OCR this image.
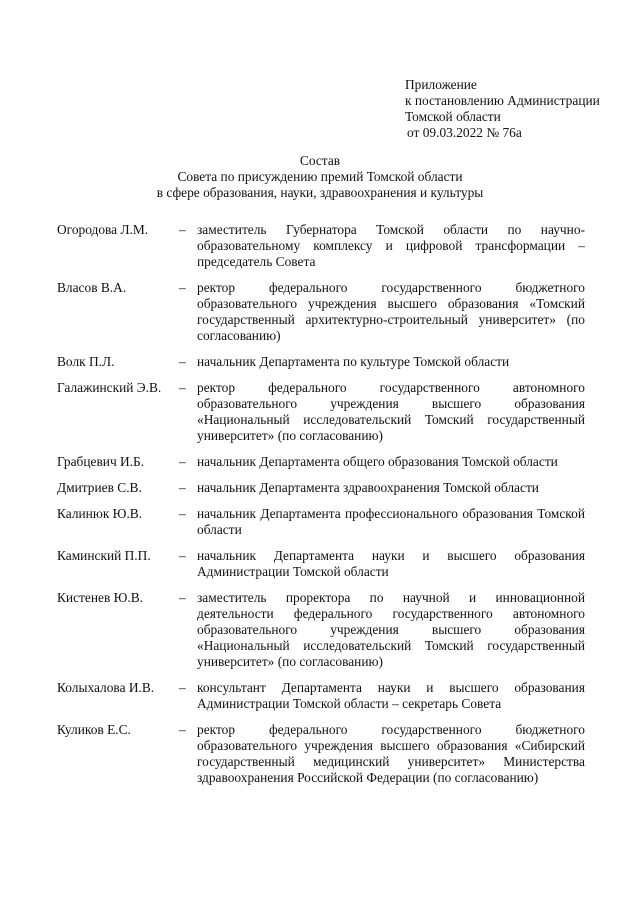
Приложение
к постановлению Администрации
Томской области
от 09.03.2022 № 76а
Состав
Совета по присуждению премий Томской области
в сфере образования, науки, здравоохранения и культуры
Огородова Л.М.	– заместитель Губернатора Томской области по научно-образовательному комплексу и цифровой трансформации – председатель Совета
Власов В.А.	– ректор федерального государственного бюджетного образовательного учреждения высшего образования «Томский государственный архитектурно-строительный университет» (по согласованию)
Волк П.Л.	– начальник Департамента по культуре Томской области
Галажинский Э.В.	– ректор федерального государственного автономного образовательного учреждения высшего образования «Национальный исследовательский Томский государственный университет» (по согласованию)
Грабцевич И.Б.	– начальник Департамента общего образования Томской области
Дмитриев С.В.	– начальник Департамента здравоохранения Томской области
Калинюк Ю.В.	– начальник Департамента профессионального образования Томской области
Каминский П.П.	– начальник Департамента науки и высшего образования Администрации Томской области
Кистенев Ю.В.	– заместитель проректора по научной и инновационной деятельности федерального государственного автономного образовательного учреждения высшего образования «Национальный исследовательский Томский государственный университет» (по согласованию)
Колыхалова И.В.	– консультант Департамента науки и высшего образования Администрации Томской области – секретарь Совета
Куликов Е.С.	– ректор федерального государственного бюджетного образовательного учреждения высшего образования «Сибирский государственный медицинский университет» Министерства здравоохранения Российской Федерации (по согласованию)
